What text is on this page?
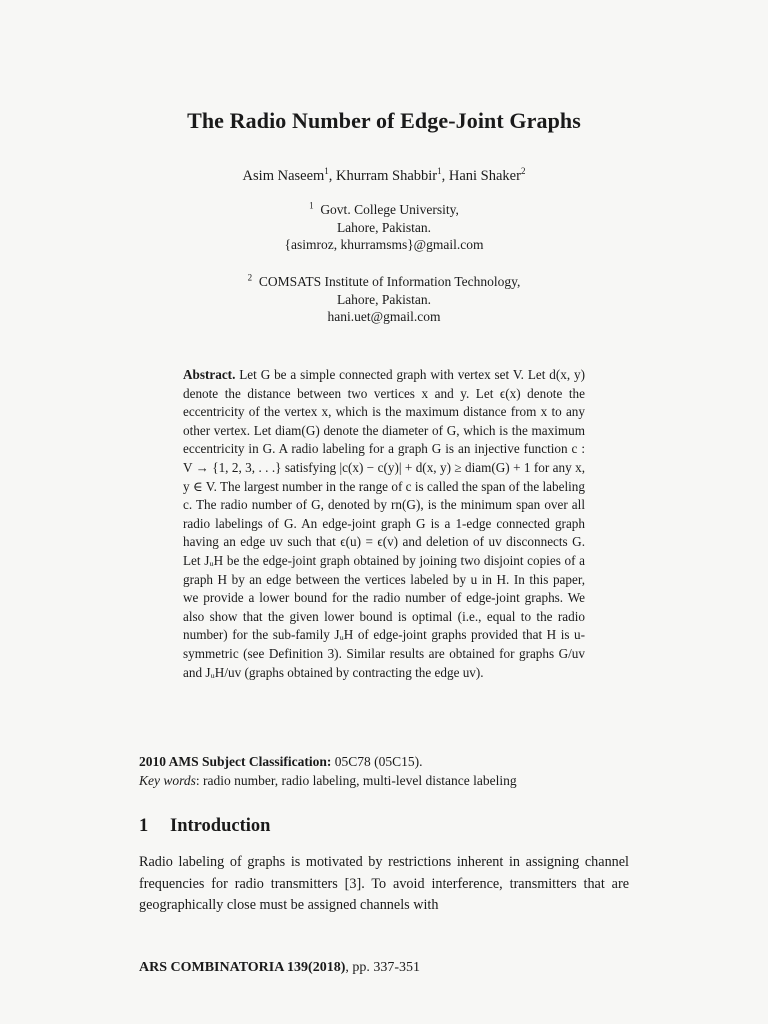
The Radio Number of Edge-Joint Graphs
Asim Naseem$^1$, Khurram Shabbir$^1$, Hani Shaker$^2$
$^1$ Govt. College University,
Lahore, Pakistan.
{asimroz, khurramsms}@gmail.com
$^2$ COMSATS Institute of Information Technology,
Lahore, Pakistan.
hani.uet@gmail.com
Abstract. Let G be a simple connected graph with vertex set V. Let d(x, y) denote the distance between two vertices x and y. Let ϵ(x) denote the eccentricity of the vertex x, which is the maximum distance from x to any other vertex. Let diam(G) denote the diameter of G, which is the maximum eccentricity in G. A radio labeling for a graph G is an injective function c : V → {1, 2, 3, . . .} satisfying |c(x) − c(y)| + d(x, y) ≥ diam(G) + 1 for any x, y ∈ V. The largest number in the range of c is called the span of the labeling c. The radio number of G, denoted by rn(G), is the minimum span over all radio labelings of G. An edge-joint graph G is a 1-edge connected graph having an edge uv such that ϵ(u) = ϵ(v) and deletion of uv disconnects G. Let JᵤH be the edge-joint graph obtained by joining two disjoint copies of a graph H by an edge between the vertices labeled by u in H. In this paper, we provide a lower bound for the radio number of edge-joint graphs. We also show that the given lower bound is optimal (i.e., equal to the radio number) for the sub-family JᵤH of edge-joint graphs provided that H is u-symmetric (see Definition 3). Similar results are obtained for graphs G/uv and JᵤH/uv (graphs obtained by contracting the edge uv).
2010 AMS Subject Classification: 05C78 (05C15).
Key words: radio number, radio labeling, multi-level distance labeling
1 Introduction
Radio labeling of graphs is motivated by restrictions inherent in assigning channel frequencies for radio transmitters [3]. To avoid interference, transmitters that are geographically close must be assigned channels with
ARS COMBINATORIA 139(2018), pp. 337-351
